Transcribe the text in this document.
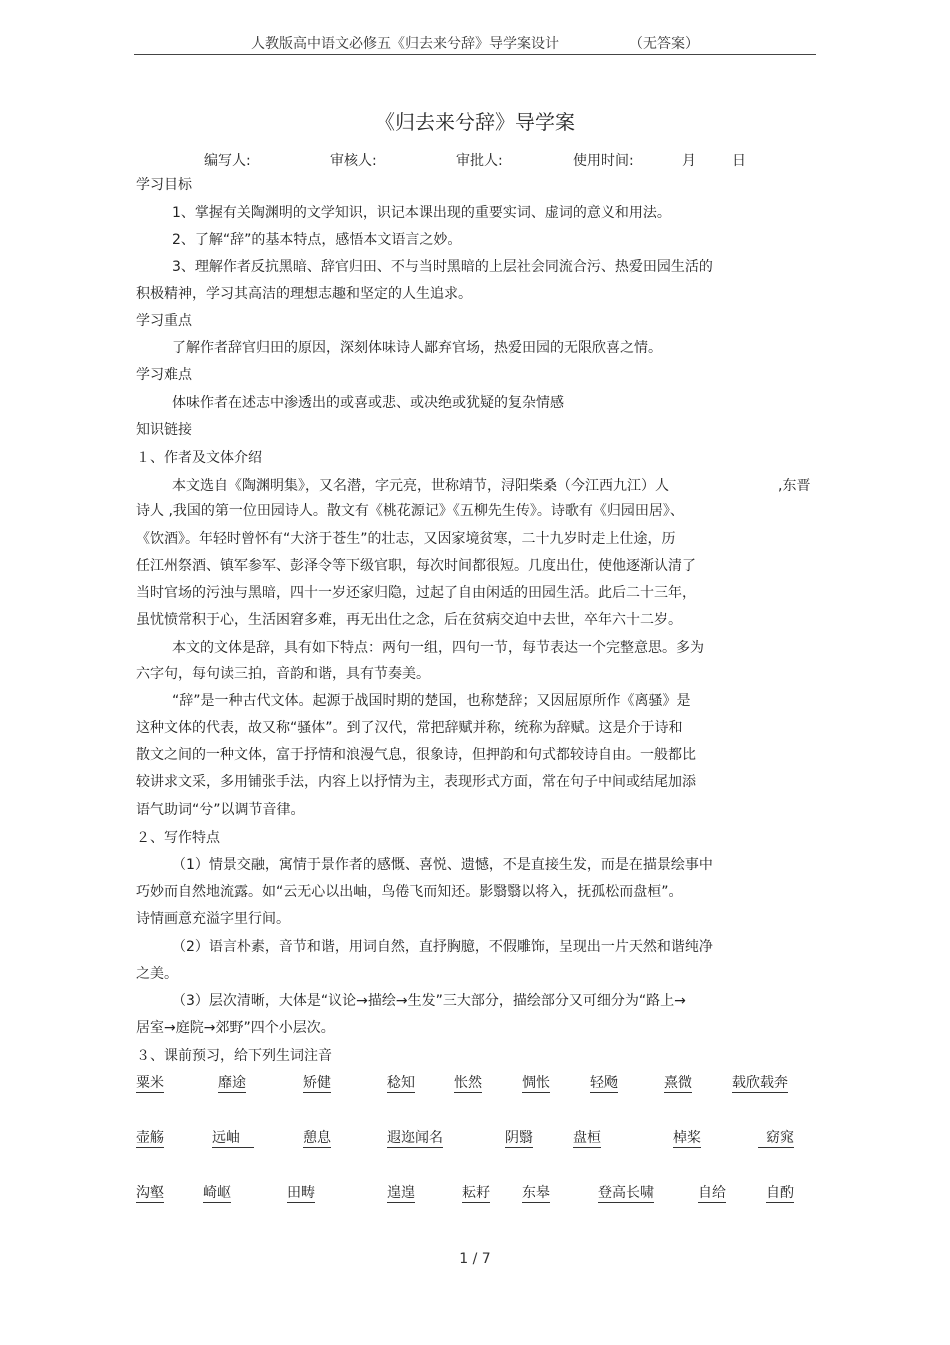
人教版高中语文必修五《归去来兮辞》导学案设计	（无答案）
《归去来兮辞》导学案
编写人:	审核人:	审批人:	使用时间:	月	日
学习目标
1、掌握有关陶渊明的文学知识，识记本课出现的重要实词、虚词的意义和用法。
2、了解“辞”的基本特点，感悟本文语言之妙。
3、理解作者反抗黑暗、辞官归田、不与当时黑暗的上层社会同流合污、热爱田园生活的
积极精神，学习其高洁的理想志趣和坚定的人生追求。
学习重点
了解作者辞官归田的原因，深刻体味诗人鄙弃官场，热爱田园的无限欣喜之情。
学习难点
体味作者在述志中渗透出的或喜或悲、或决绝或犹疑的复杂情感
知识链接
１、作者及文体介绍
本文选自《陶渊明集》，又名潜，字元亮，世称靖节，浔阳柴桑（今江西九江）人	,东晋
诗人 ,我国的第一位田园诗人。散文有《桃花源记》《五柳先生传》。诗歌有《归园田居》、
《饮酒》。年轻时曾怀有“大济于苍生”的壮志，又因家境贫寒，二十九岁时走上仕途，历
任江州祭酒、镇军参军、彭泽令等下级官职，每次时间都很短。几度出仕，使他逐渐认清了
当时官场的污浊与黑暗，四十一岁还家归隐，过起了自由闲适的田园生活。此后二十三年，
虽忧愤常积于心，生活困窘多难，再无出仕之念，后在贫病交迫中去世，卒年六十二岁。
本文的文体是辞，具有如下特点：两句一组，四句一节，每节表达一个完整意思。多为
六字句，每句读三拍，音韵和谐，具有节奏美。
“辞”是一种古代文体。起源于战国时期的楚国，也称楚辞；又因屈原所作《离骚》是
这种文体的代表，故又称“骚体”。到了汉代，常把辞赋并称，统称为辞赋。这是介于诗和
散文之间的一种文体，富于抒情和浪漫气息，很象诗，但押韵和句式都较诗自由。一般都比
较讲求文采，多用铺张手法，内容上以抒情为主，表现形式方面，常在句子中间或结尾加添
语气助词“兮”以调节音律。
２、写作特点
（1）情景交融，寓情于景作者的感慨、喜悦、遗憾，不是直接生发，而是在描景绘事中
巧妙而自然地流露。如“云无心以出岫，鸟倦飞而知还。影翳翳以将入，抚孤松而盘桓”。
诗情画意充溢字里行间。
（2）语言朴素，音节和谐，用词自然，直抒胸臆，不假雕饰，呈现出一片天然和谐纯净
之美。
（3）层次清晰，大体是“议论→描绘→生发”三大部分，描绘部分又可细分为“路上→
居室→庭院→郊野”四个小层次。
３、课前预习，给下列生词注音
粟米	靡途	矫健	稔知	怅然	惆怅	轻飏	熹微	载欣载奔
壶觞	远岫	憩息	遐迩闻名	阴翳	盘桓	棹桨	窈窕
沟壑	崎岖	田畴	遑遑	耘耔 东皋	登高长啸	自给	自酌
1 / 7
